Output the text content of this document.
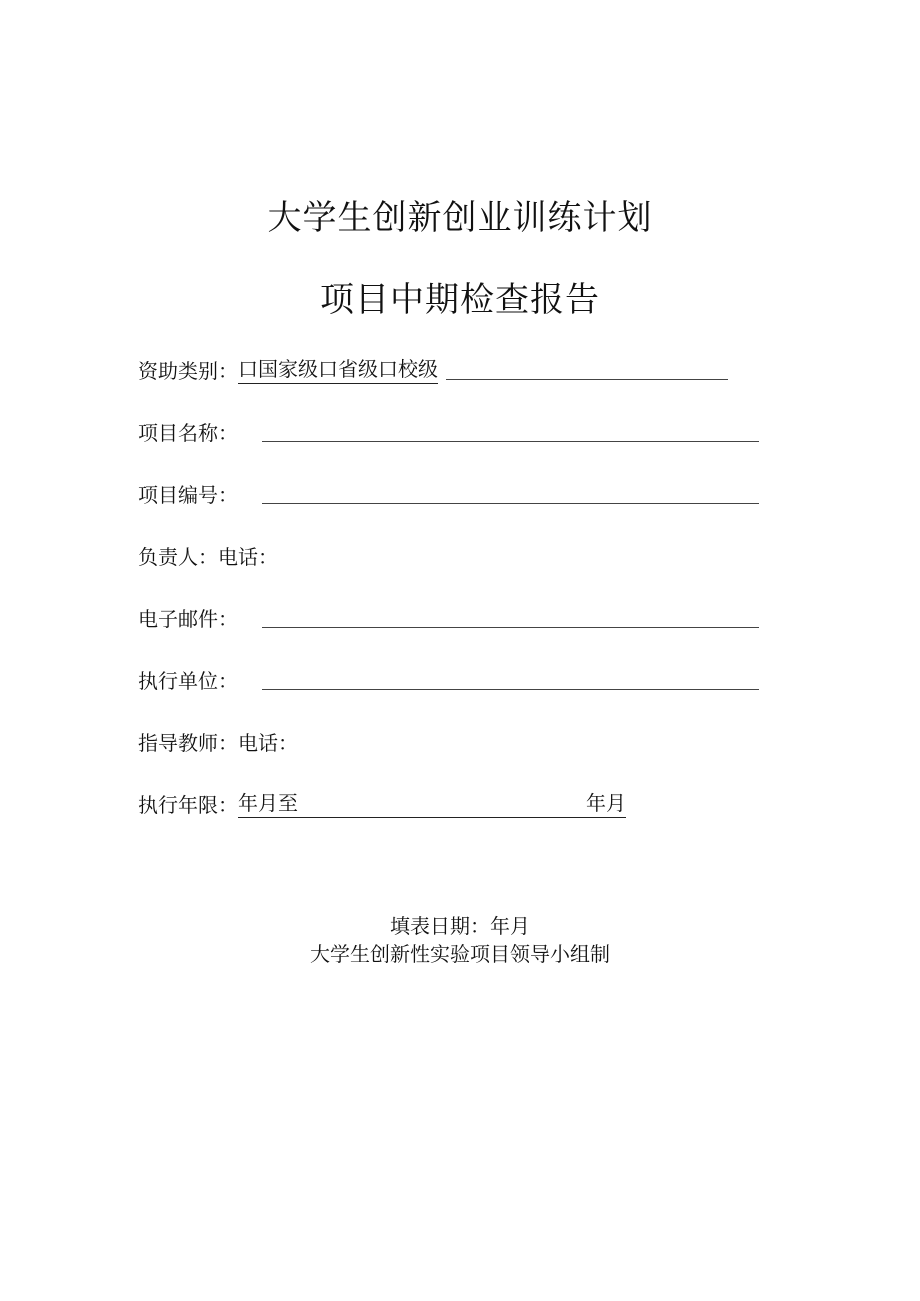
大学生创新创业训练计划
项目中期检查报告
资助类别： 口国家级口省级口校级
项目名称：
项目编号：
负责人：电话：
电子邮件：
执行单位：
指导教师：电话：
执行年限： 年月至	年月
填表日期：年月
大学生创新性实验项目领导小组制
